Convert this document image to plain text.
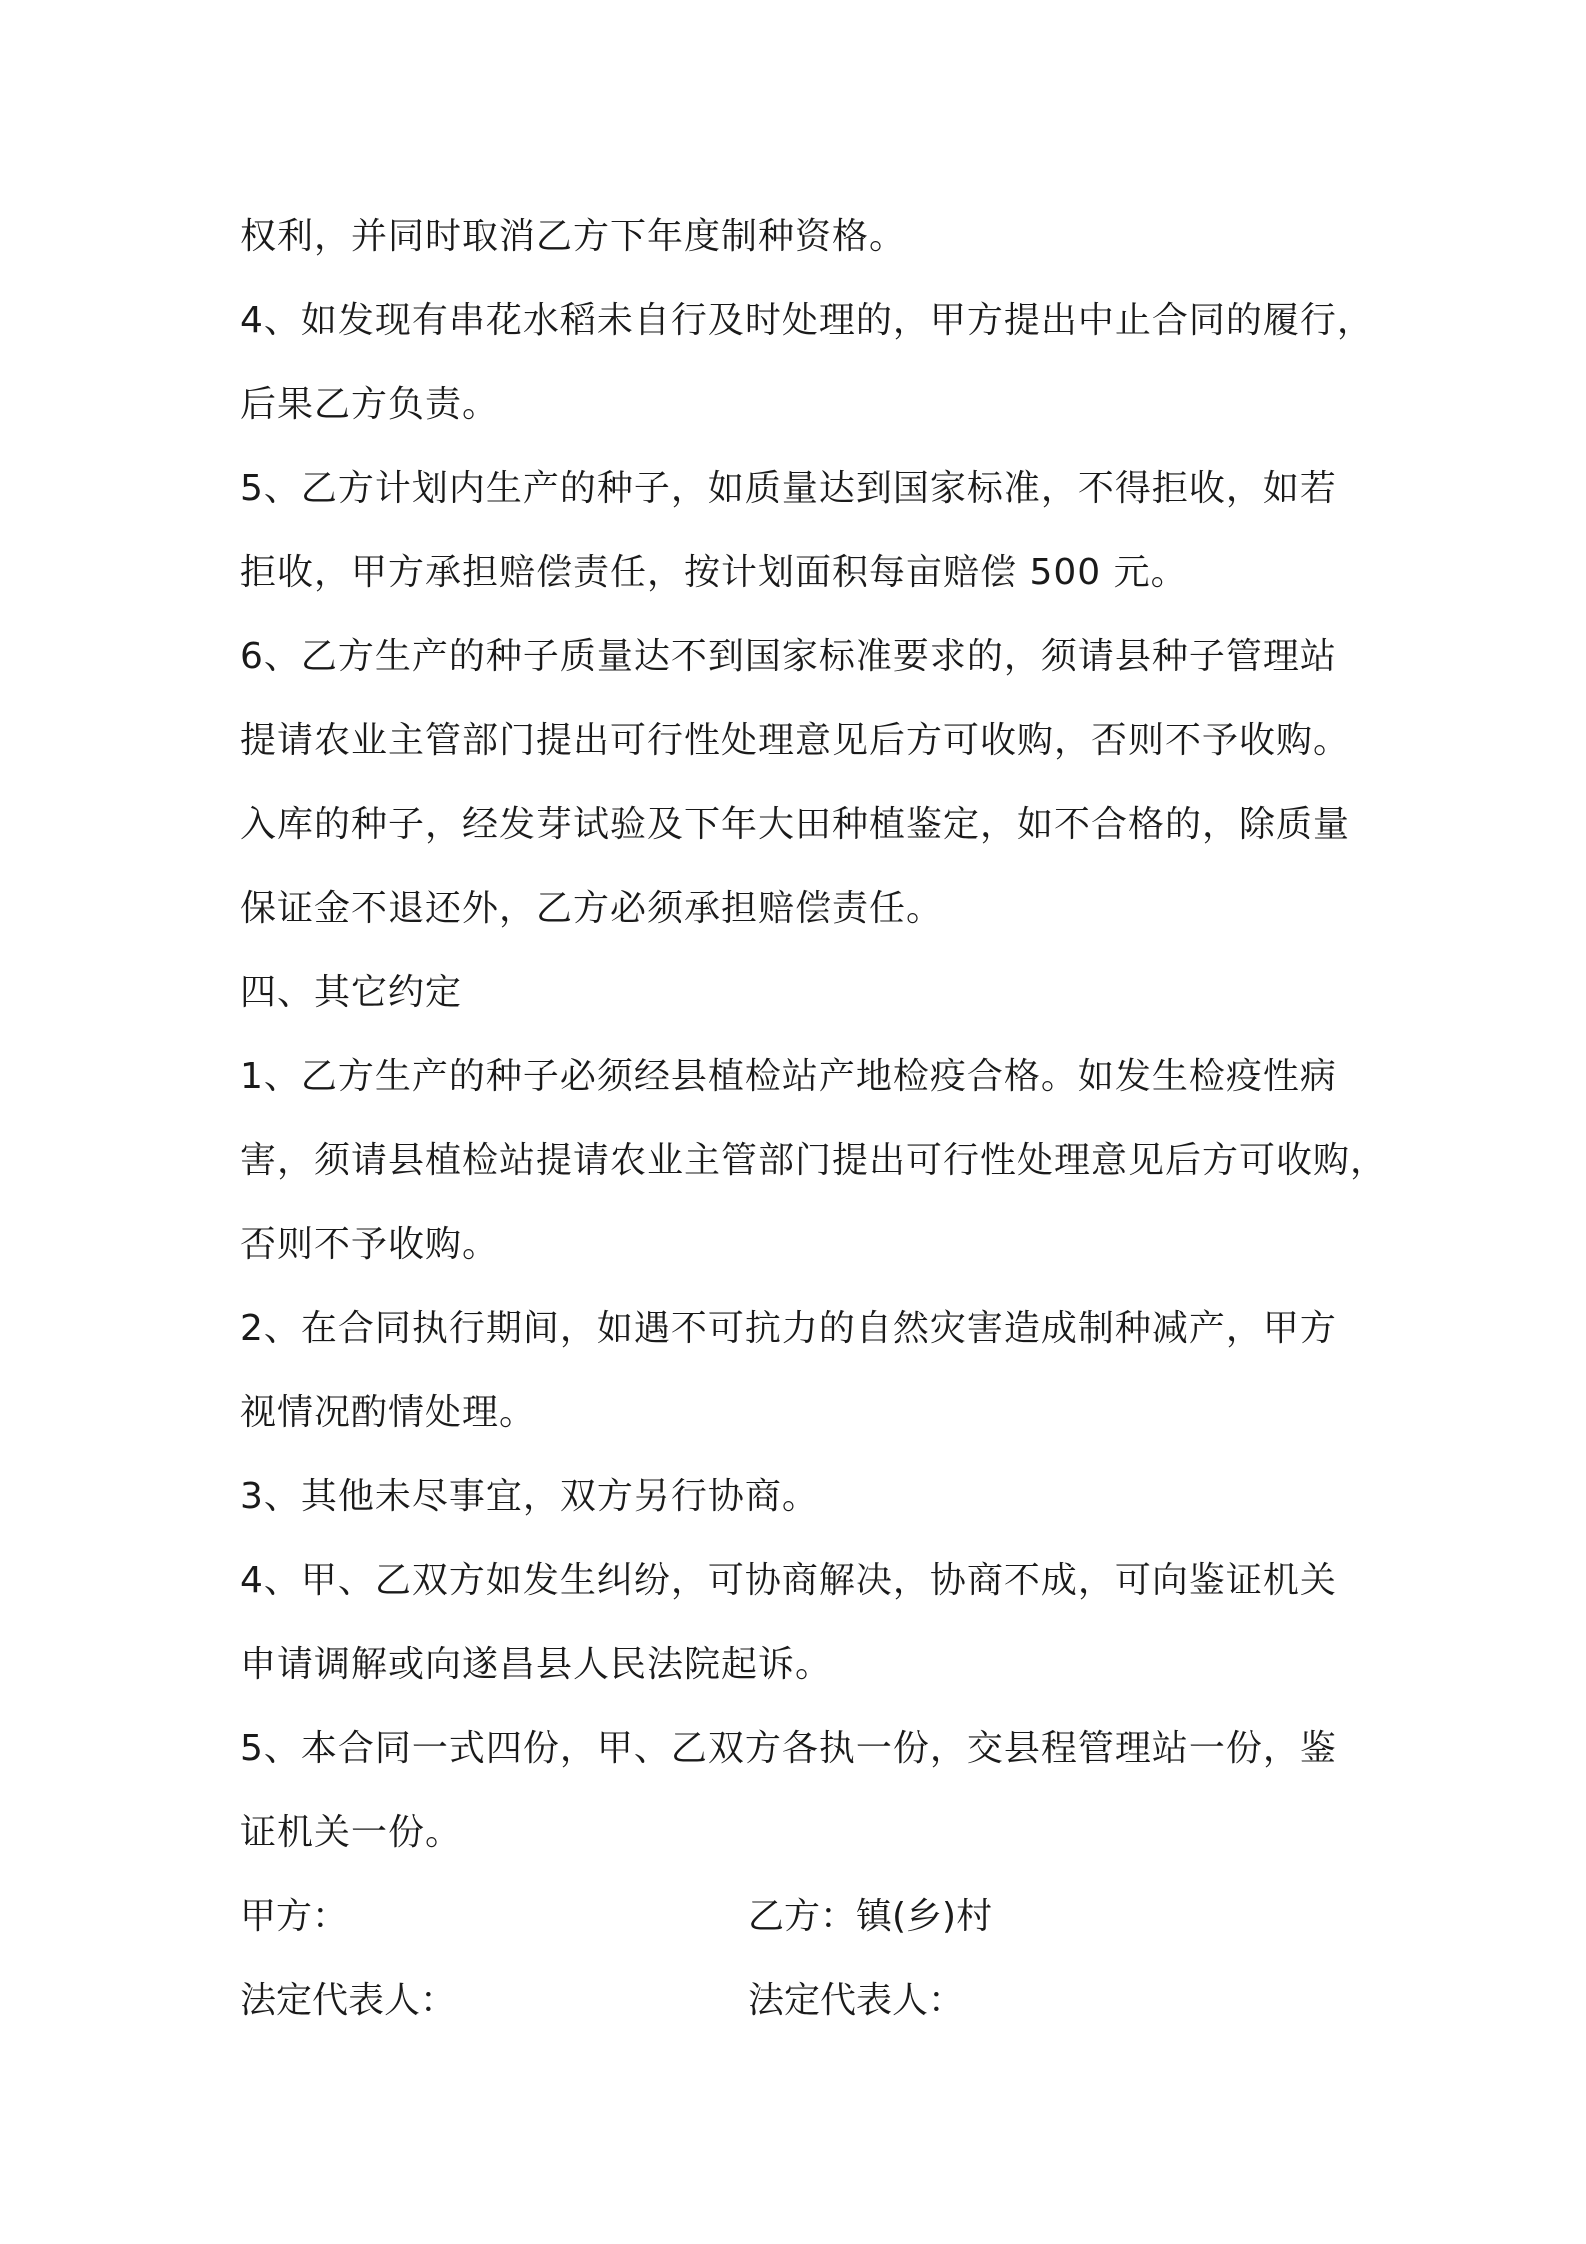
权利，并同时取消乙方下年度制种资格。
4、如发现有串花水稻未自行及时处理的，甲方提出中止合同的履行，
后果乙方负责。
5、乙方计划内生产的种子，如质量达到国家标准，不得拒收，如若
拒收，甲方承担赔偿责任，按计划面积每亩赔偿 500 元。
6、乙方生产的种子质量达不到国家标准要求的，须请县种子管理站
提请农业主管部门提出可行性处理意见后方可收购，否则不予收购。
入库的种子，经发芽试验及下年大田种植鉴定，如不合格的，除质量
保证金不退还外，乙方必须承担赔偿责任。
四、其它约定
1、乙方生产的种子必须经县植检站产地检疫合格。如发生检疫性病
害，须请县植检站提请农业主管部门提出可行性处理意见后方可收购，
否则不予收购。
2、在合同执行期间，如遇不可抗力的自然灾害造成制种减产，甲方
视情况酌情处理。
3、其他未尽事宜，双方另行协商。
4、甲、乙双方如发生纠纷，可协商解决，协商不成，可向鉴证机关
申请调解或向遂昌县人民法院起诉。
5、本合同一式四份，甲、乙双方各执一份，交县程管理站一份，鉴
证机关一份。
甲方：	乙方：镇(乡)村
法定代表人：	法定代表人：
